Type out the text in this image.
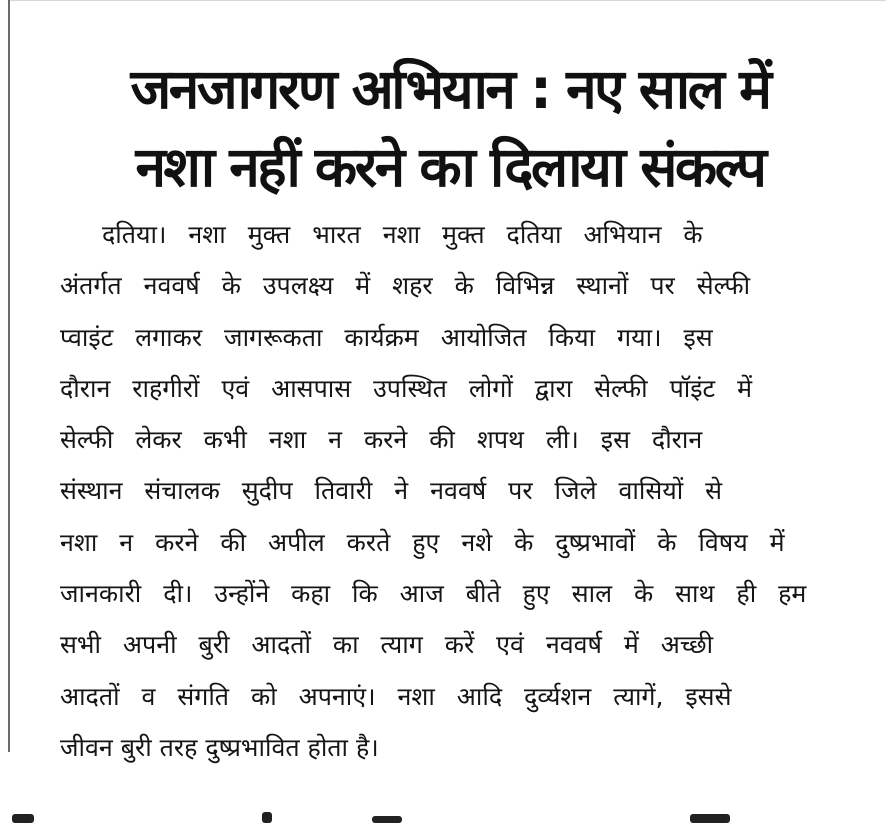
जनजागरण अभियान : नए साल में
नशा नहीं करने का दिलाया संकल्प
दतिया। नशा मुक्त भारत नशा मुक्त दतिया अभियान के
अंतर्गत नववर्ष के उपलक्ष्य में शहर के विभिन्न स्थानों पर सेल्फी
प्वाइंट लगाकर जागरूकता कार्यक्रम आयोजित किया गया। इस
दौरान राहगीरों एवं आसपास उपस्थित लोगों द्वारा सेल्फी पॉइंट में
सेल्फी लेकर कभी नशा न करने की शपथ ली। इस दौरान
संस्थान संचालक सुदीप तिवारी ने नववर्ष पर जिले वासियों से
नशा न करने की अपील करते हुए नशे के दुष्प्रभावों के विषय में
जानकारी दी। उन्होंने कहा कि आज बीते हुए साल के साथ ही हम
सभी अपनी बुरी आदतों का त्याग करें एवं नववर्ष में अच्छी
आदतों व संगति को अपनाएं। नशा आदि दुर्व्यशन त्यागें, इससे
जीवन बुरी तरह दुष्प्रभावित होता है।
